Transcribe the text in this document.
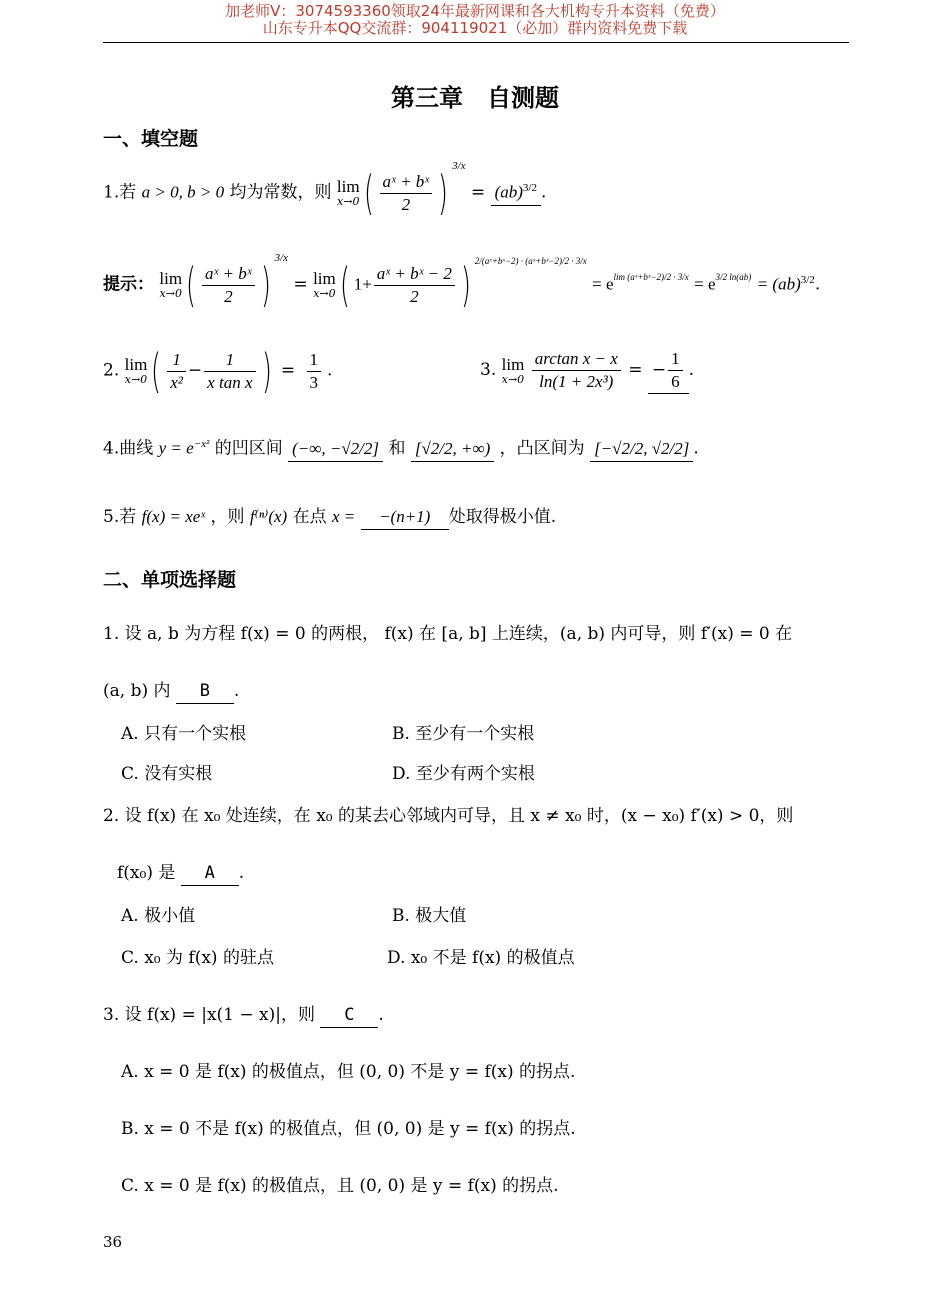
加老师V：3074593360领取24年最新网课和各大机构专升本资料（免费）
山东专升本QQ交流群：904119021（必加）群内资料免费下载
第三章　自测题
一、填空题
1.若 a > 0, b > 0 均为常数，则 lim
x→0 ( $\frac{\text{aˣ + bˣ}}{2} )^{3/x} = (ab)^{3/2}$ .
提示： lim
x→0 ( $\frac{\text{aˣ + bˣ}}{2} )^{3/x} = \lim$
x→0 ( $1+ \frac{\text{aˣ + bˣ − 2}}{2}$ ) $^{2/(aˣ+bˣ-2) \cdot (aˣ+bˣ-2)/2 \cdot 3/x} = e^{lim (aˣ+bˣ-2)/2 \cdot 3/x} = e^{3/2 ln(ab)} = (ab)^{3/2}$.
2. lim
x→0 ( $\frac{1}{\text{x²}} - \frac{1}{\text{x tan x}}$ ) = $\frac{1}{3}$ .	3. lim
x→0
$\frac{\text{arctan x − x}}{\text{ln(1 + 2x³)}}$ = − $\frac{1}{6}$ .
4.曲线 $y = e^{-x^2}$ 的凹区间 (−∞, −√2/2] 和 [√2/2, +∞) ，凸区间为 [−√2/2, √2/2] .
5.若 f(x) = xeˣ ，则 f⁽ⁿ⁾(x) 在点 x = −(n+1) 处取得极小值.
二、单项选择题
1. 设 a, b 为方程 f(x) = 0 的两根， f(x) 在 [a, b] 上连续，(a, b) 内可导，则 f′(x) = 0 在
(a, b) 内 B .
A. 只有一个实根	B. 至少有一个实根
C. 没有实根	D. 至少有两个实根
2. 设 f(x) 在 x₀ 处连续，在 x₀ 的某去心邻域内可导，且 x ≠ x₀ 时，(x − x₀) f′(x) > 0，则
f(x₀) 是 A .
A. 极小值	B. 极大值
C. x₀ 为 f(x) 的驻点	D. x₀ 不是 f(x) 的极值点
3. 设 f(x) = |x(1 − x)|，则 C .
A. x = 0 是 f(x) 的极值点，但 (0, 0) 不是 y = f(x) 的拐点.
B. x = 0 不是 f(x) 的极值点，但 (0, 0) 是 y = f(x) 的拐点.
C. x = 0 是 f(x) 的极值点，且 (0, 0) 是 y = f(x) 的拐点.
36
